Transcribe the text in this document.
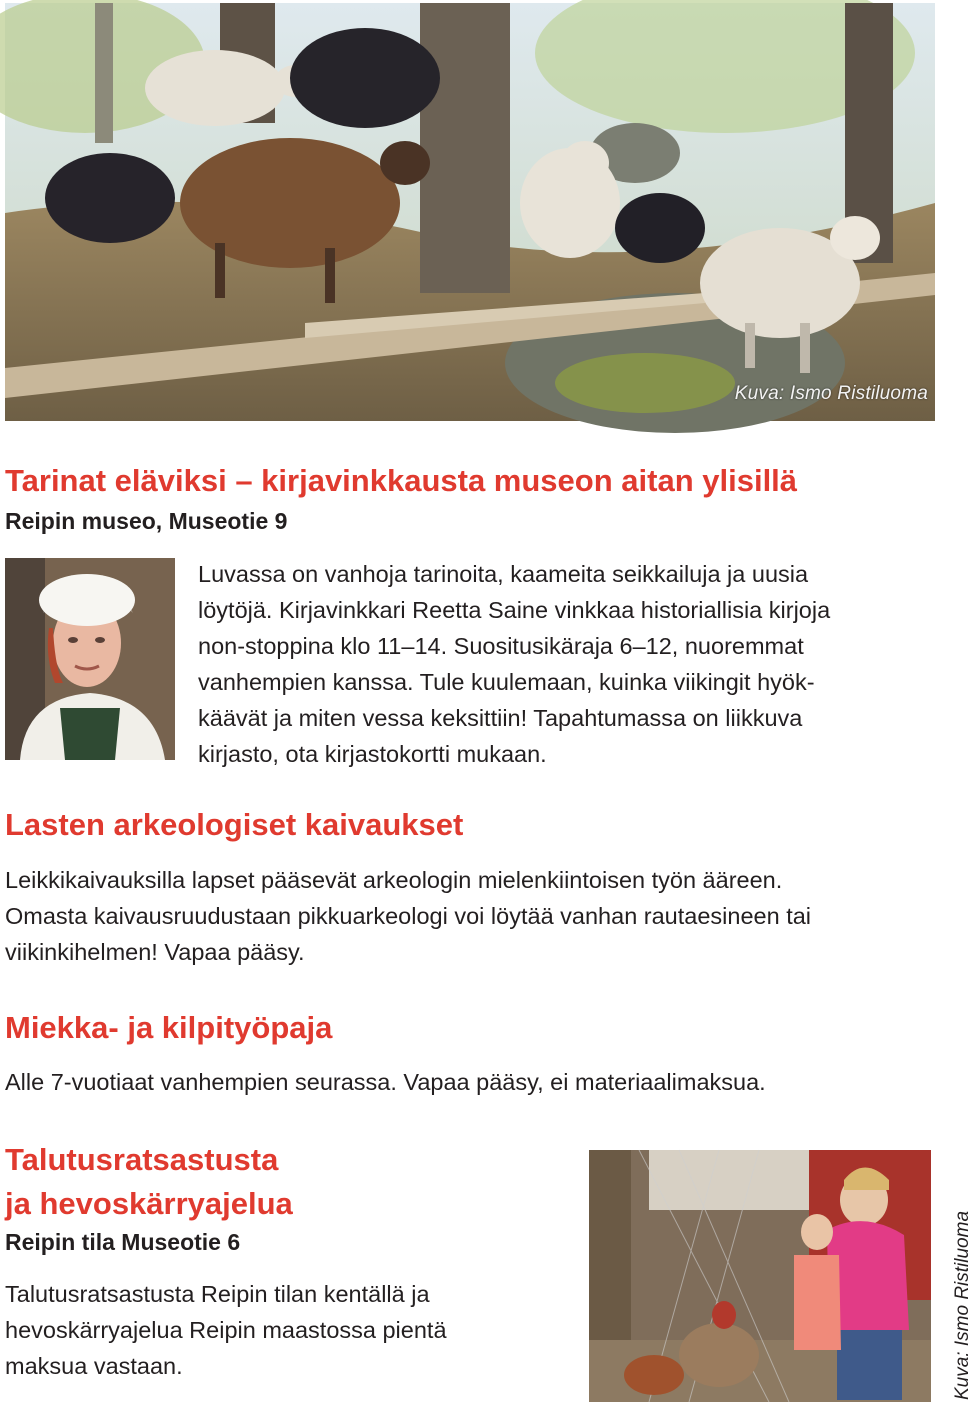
Kuva: Ismo Ristiluoma
Tarinat eläviksi – kirjavinkkausta museon aitan ylisillä
Reipin museo, Museotie 9

Luvassa on vanhoja tarinoita, kaameita seikkailuja ja uusia

löytöjä. Kirjavinkkari Reetta Saine vinkkaa historiallisia kirjoja

non-stoppina klo 11–14. Suositusikäraja 6–12, nuoremmat

vanhempien kanssa. Tule kuulemaan, kuinka viikingit hyök-

käävät ja miten vessa keksittiin! Tapahtumassa on liikkuva

kirjasto, ota kirjastokortti mukaan.

Lasten arkeologiset kaivaukset

Leikkikaivauksilla lapset pääsevät arkeologin mielenkiintoisen työn ääreen.

Omasta kaivausruudustaan pikkuarkeologi voi löytää vanhan rautaesineen tai

viikinkihelmen! Vapaa pääsy.

Miekka- ja kilpityöpaja

Alle 7-vuotiaat vanhempien seurassa. Vapaa pääsy, ei materiaalimaksua.

Talutusratsastusta
ja hevoskärryajelua
Reipin tila Museotie 6

Talutusratsastusta Reipin tilan kentällä ja

hevoskärryajelua Reipin maastossa pientä

maksua vastaan.	Kuva: Ismo Ristiluoma
